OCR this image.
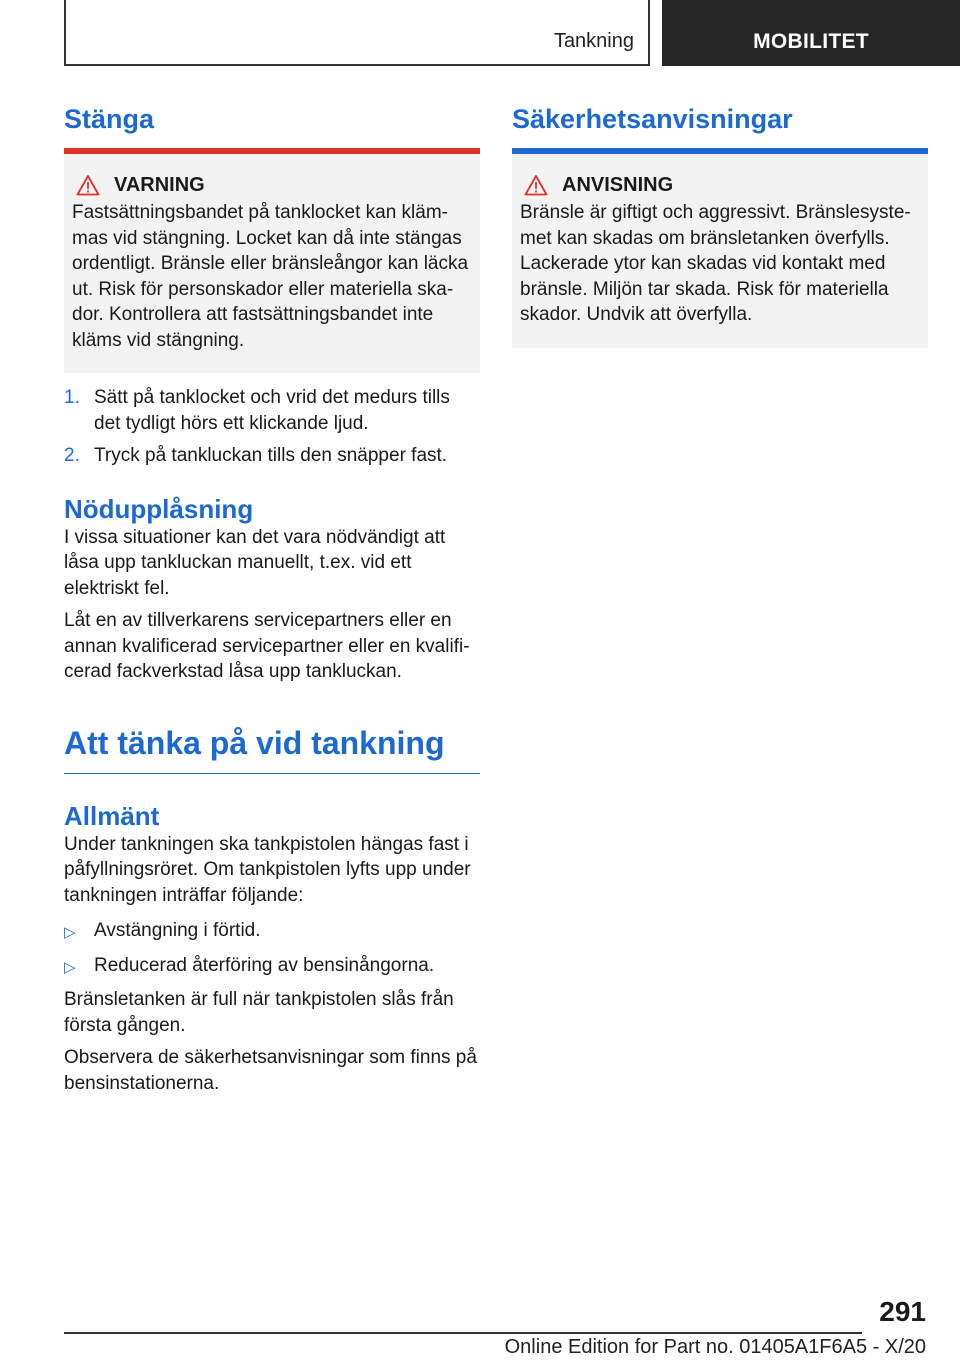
Tankning	MOBILITET
Stänga
VARNING
Fastsättningsbandet på tanklocket kan kläm-mas vid stängning. Locket kan då inte stängas ordentligt. Bränsle eller bränsleångor kan läcka ut. Risk för personskador eller materiella ska-dor. Kontrollera att fastsättningsbandet inte kläms vid stängning.
1. Sätt på tanklocket och vrid det medurs tills det tydligt hörs ett klickande ljud.
2. Tryck på tankluckan tills den snäpper fast.
Nödupplåsning

I vissa situationer kan det vara nödvändigt att låsa upp tankluckan manuellt, t.ex. vid ett elektriskt fel.

Låt en av tillverkarens servicepartners eller en annan kvalificerad servicepartner eller en kvalifi-cerad fackverkstad låsa upp tankluckan.

Att tänka på vid tankning
Allmänt

Under tankningen ska tankpistolen hängas fast i påfyllningsröret. Om tankpistolen lyfts upp under tankningen inträffar följande:

▷ Avstängning i förtid.
▷ Reducerad återföring av bensinångorna.

Bränsletanken är full när tankpistolen slås från första gången.

Observera de säkerhetsanvisningar som finns på bensinstationerna.

Säkerhetsanvisningar
ANVISNING
Bränsle är giftigt och aggressivt. Bränslesyste-met kan skadas om bränsletanken överfylls. Lackerade ytor kan skadas vid kontakt med bränsle. Miljön tar skada. Risk för materiella skador. Undvik att överfylla.
291
Online Edition for Part no. 01405A1F6A5 - X/20
